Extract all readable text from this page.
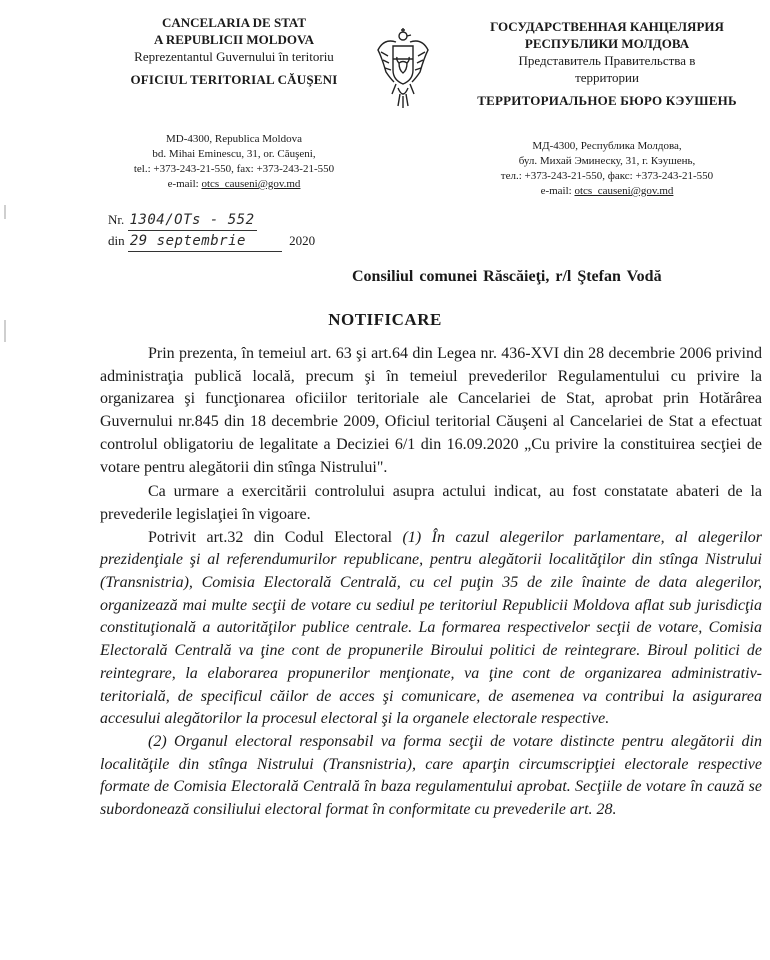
CANCELARIA DE STAT
A REPUBLICII MOLDOVA
Reprezentantul Guvernului în teritoriu
OFICIUL TERITORIAL CĂUŞENI
MD-4300, Republica Moldova
bd. Mihai Eminescu, 31, or. Căuşeni,
tel.: +373-243-21-550, fax: +373-243-21-550
e-mail: otcs_causeni@gov.md
ГОСУДАРСТВЕННАЯ КАНЦЕЛЯРИЯ
РЕСПУБЛИКИ МОЛДОВА
Представитель Правительства в
территории
ТЕРРИТОРИАЛЬНОЕ БЮРО КЭУШЕНЬ
МД-4300, Республика Молдова,
бул. Михай Эминеску, 31, г. Кэушень,
тел.: +373-243-21-550, факс: +373-243-21-550
e-mail: otcs_causeni@gov.md
Nr. 1304/OTs - 552
din 29 septembrie	2020
Consiliul comunei Răscăieţi, r/l Ştefan Vodă
NOTIFICARE

Prin prezenta, în temeiul art. 63 şi art.64 din Legea nr. 436-XVI din 28 decembrie 2006 privind administraţia publică locală, precum şi în temeiul prevederilor Regulamentului cu privire la organizarea şi funcţionarea oficiilor teritoriale ale Cancelariei de Stat, aprobat prin Hotărârea Guvernului nr.845 din 18 decembrie 2009, Oficiul teritorial Căuşeni al Cancelariei de Stat a efectuat controlul obligatoriu de legalitate a Deciziei 6/1 din 16.09.2020 „Cu privire la constituirea secţiei de votare pentru alegătorii din stînga Nistrului".

Ca urmare a exercitării controlului asupra actului indicat, au fost constatate abateri de la prevederile legislaţiei în vigoare.

Potrivit art.32 din Codul Electoral (1) În cazul alegerilor parlamentare, al alegerilor prezidenţiale şi al referendumurilor republicane, pentru alegătorii localităţilor din stînga Nistrului (Transnistria), Comisia Electorală Centrală, cu cel puţin 35 de zile înainte de data alegerilor, organizează mai multe secţii de votare cu sediul pe teritoriul Republicii Moldova aflat sub jurisdicţia constituţională a autorităţilor publice centrale. La formarea respectivelor secţii de votare, Comisia Electorală Centrală va ţine cont de propunerile Biroului politici de reintegrare. Biroul politici de reintegrare, la elaborarea propunerilor menţionate, va ţine cont de organizarea administrativ-teritorială, de specificul căilor de acces şi comunicare, de asemenea va contribui la asigurarea accesului alegătorilor la procesul electoral şi la organele electorale respective.

(2) Organul electoral responsabil va forma secţii de votare distincte pentru alegătorii din localităţile din stînga Nistrului (Transnistria), care aparţin circumscripţiei electorale respective formate de Comisia Electorală Centrală în baza regulamentului aprobat. Secţiile de votare în cauză se subordonează consiliului electoral format în conformitate cu prevederile art. 28.
